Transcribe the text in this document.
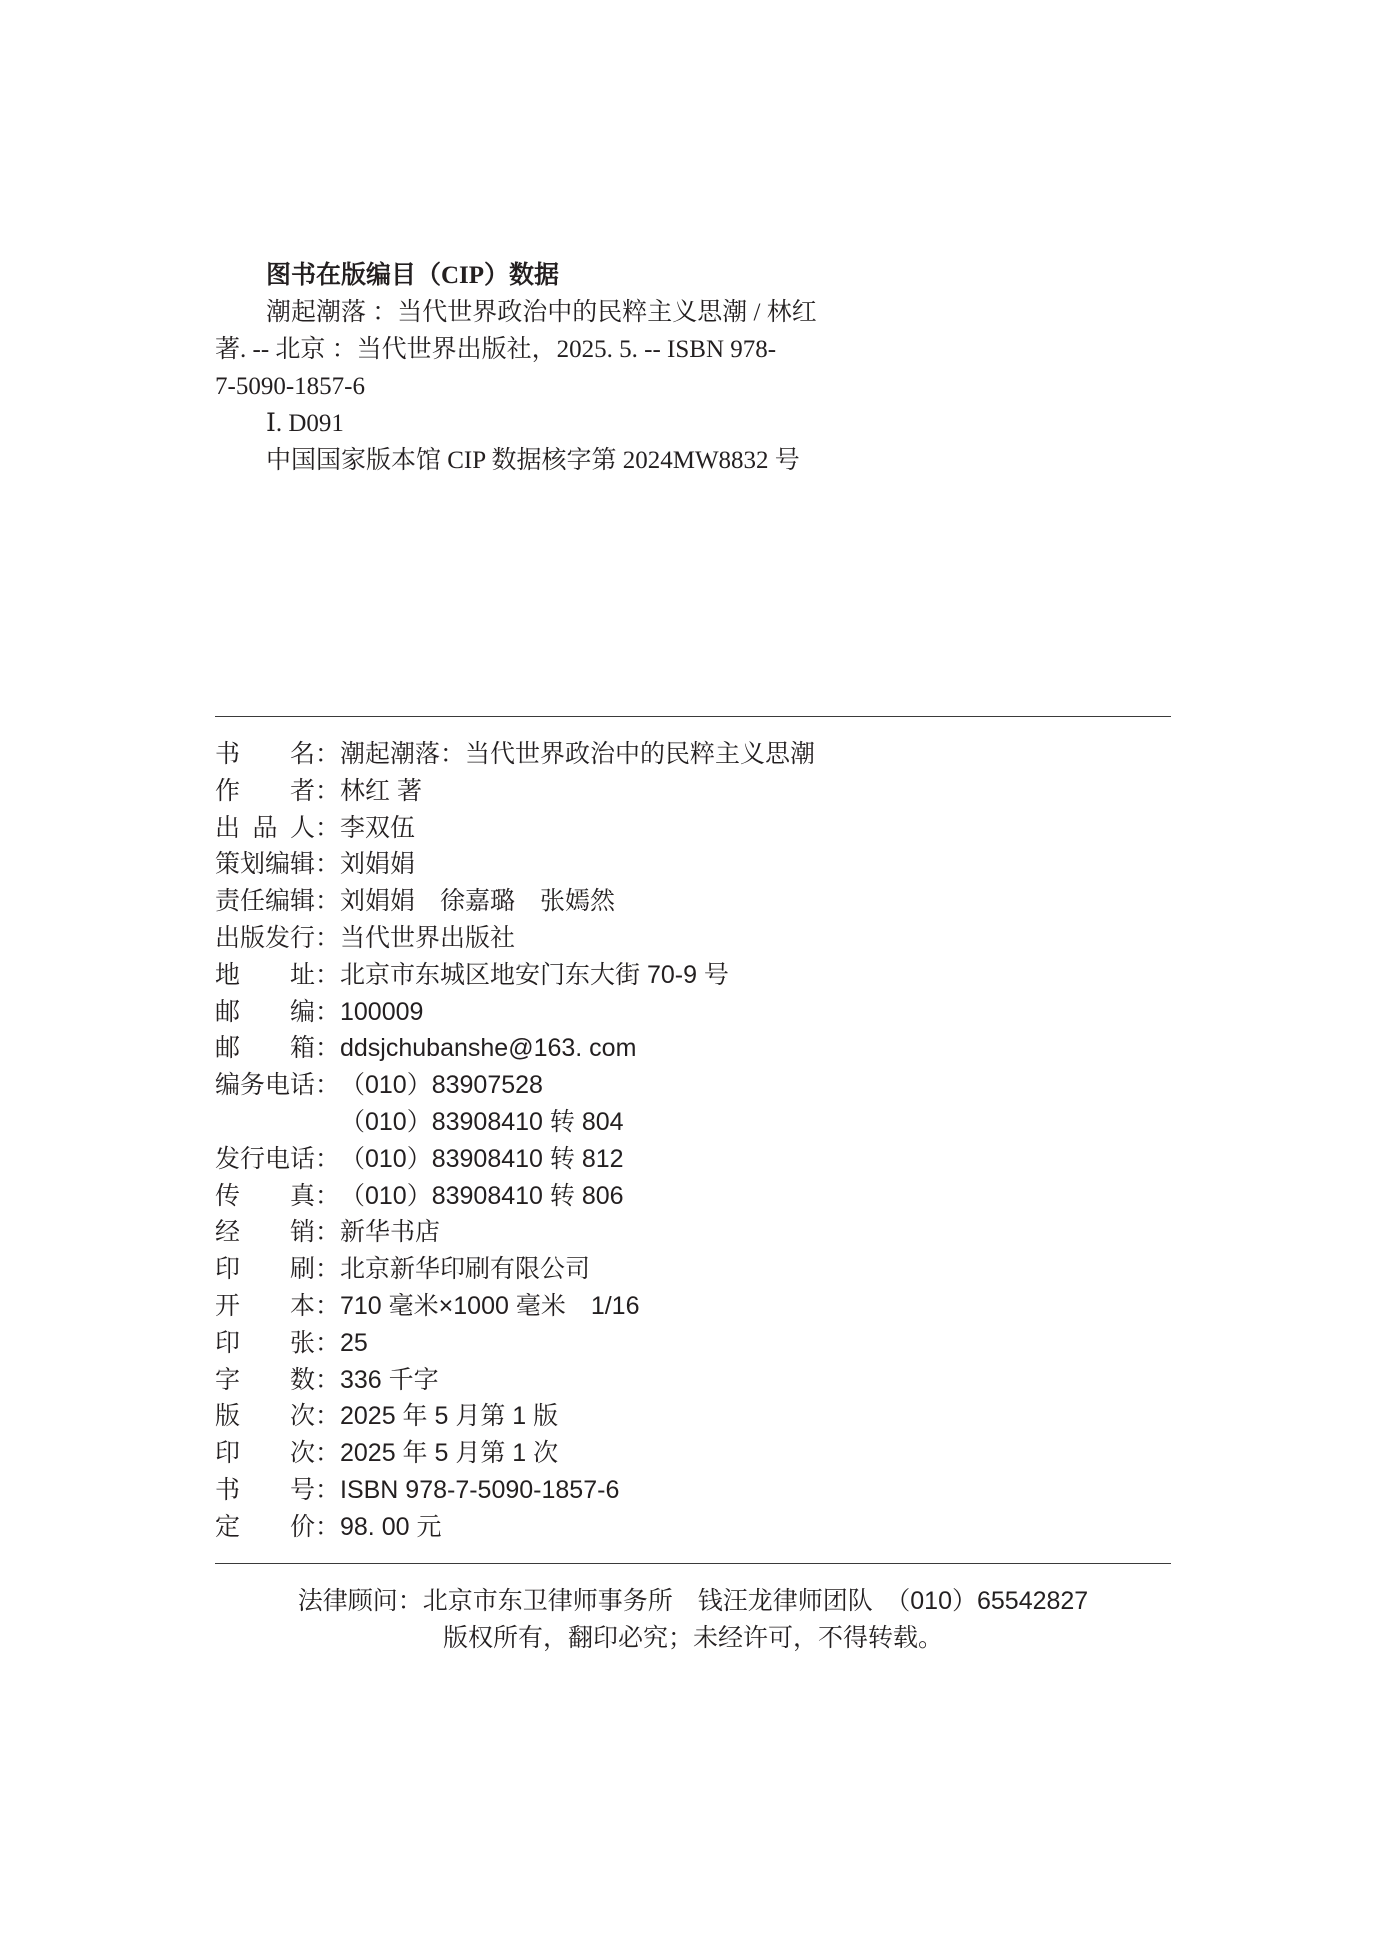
图书在版编目（CIP）数据
潮起潮落 ：当代世界政治中的民粹主义思潮 / 林红
著. -- 北京 ：当代世界出版社，2025. 5. -- ISBN 978-
7-5090-1857-6
Ⅰ. D091
中国国家版本馆 CIP 数据核字第 2024MW8832 号
书 名 ： 潮起潮落：当代世界政治中的民粹主义思潮
作 者 ： 林红 著
出 品 人 ： 李双伍
策 划 编 辑 ： 刘娟娟
责 任 编 辑 ： 刘娟娟　徐嘉璐　张嫣然
出 版 发 行 ： 当代世界出版社
地 址 ： 北京市东城区地安门东大街 70-9 号
邮 编 ： 100009
邮 箱 ： ddsjchubanshe@163. com
编 务 电 话 ： （010）83907528
（010）83908410 转 804
发 行 电 话 ： （010）83908410 转 812
传 真 ： （010）83908410 转 806
经 销 ： 新华书店
印 刷 ： 北京新华印刷有限公司
开 本 ： 710 毫米×1000 毫米　1/16
印 张 ： 25
字 数 ： 336 千字
版 次 ： 2025 年 5 月第 1 版
印 次 ： 2025 年 5 月第 1 次
书 号 ： ISBN 978-7-5090-1857-6
定 价 ： 98. 00 元
法律顾问：北京市东卫律师事务所　钱汪龙律师团队　（010）65542827
版权所有，翻印必究；未经许可，不得转载。
